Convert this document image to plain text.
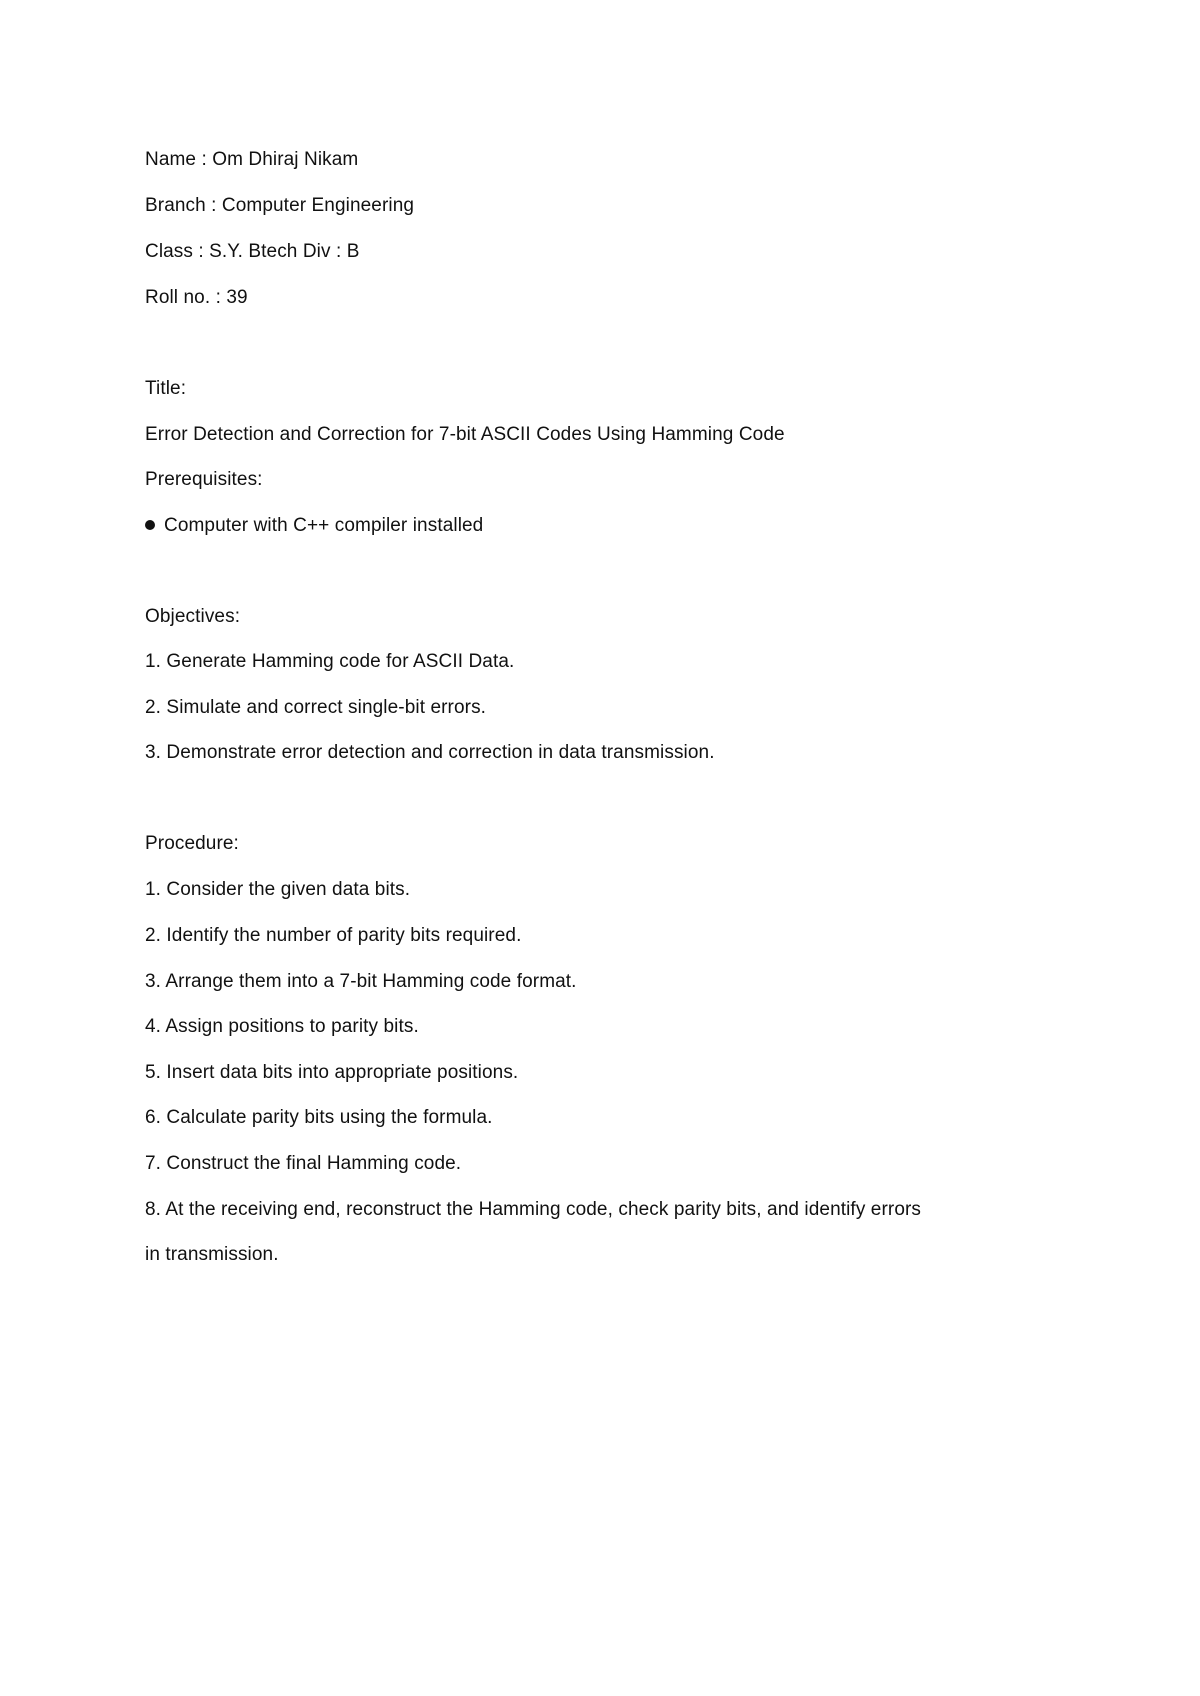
Name : Om Dhiraj Nikam
Branch : Computer Engineering
Class : S.Y. Btech Div : B
Roll no. : 39
Title:
Error Detection and Correction for 7-bit ASCII Codes Using Hamming Code
Prerequisites:
Computer with C++ compiler installed
Objectives:
1. Generate Hamming code for ASCII Data.
2. Simulate and correct single-bit errors.
3. Demonstrate error detection and correction in data transmission.
Procedure:
1. Consider the given data bits.
2. Identify the number of parity bits required.
3. Arrange them into a 7-bit Hamming code format.
4. Assign positions to parity bits.
5. Insert data bits into appropriate positions.
6. Calculate parity bits using the formula.
7. Construct the final Hamming code.
8. At the receiving end, reconstruct the Hamming code, check parity bits, and identify errors
in transmission.
